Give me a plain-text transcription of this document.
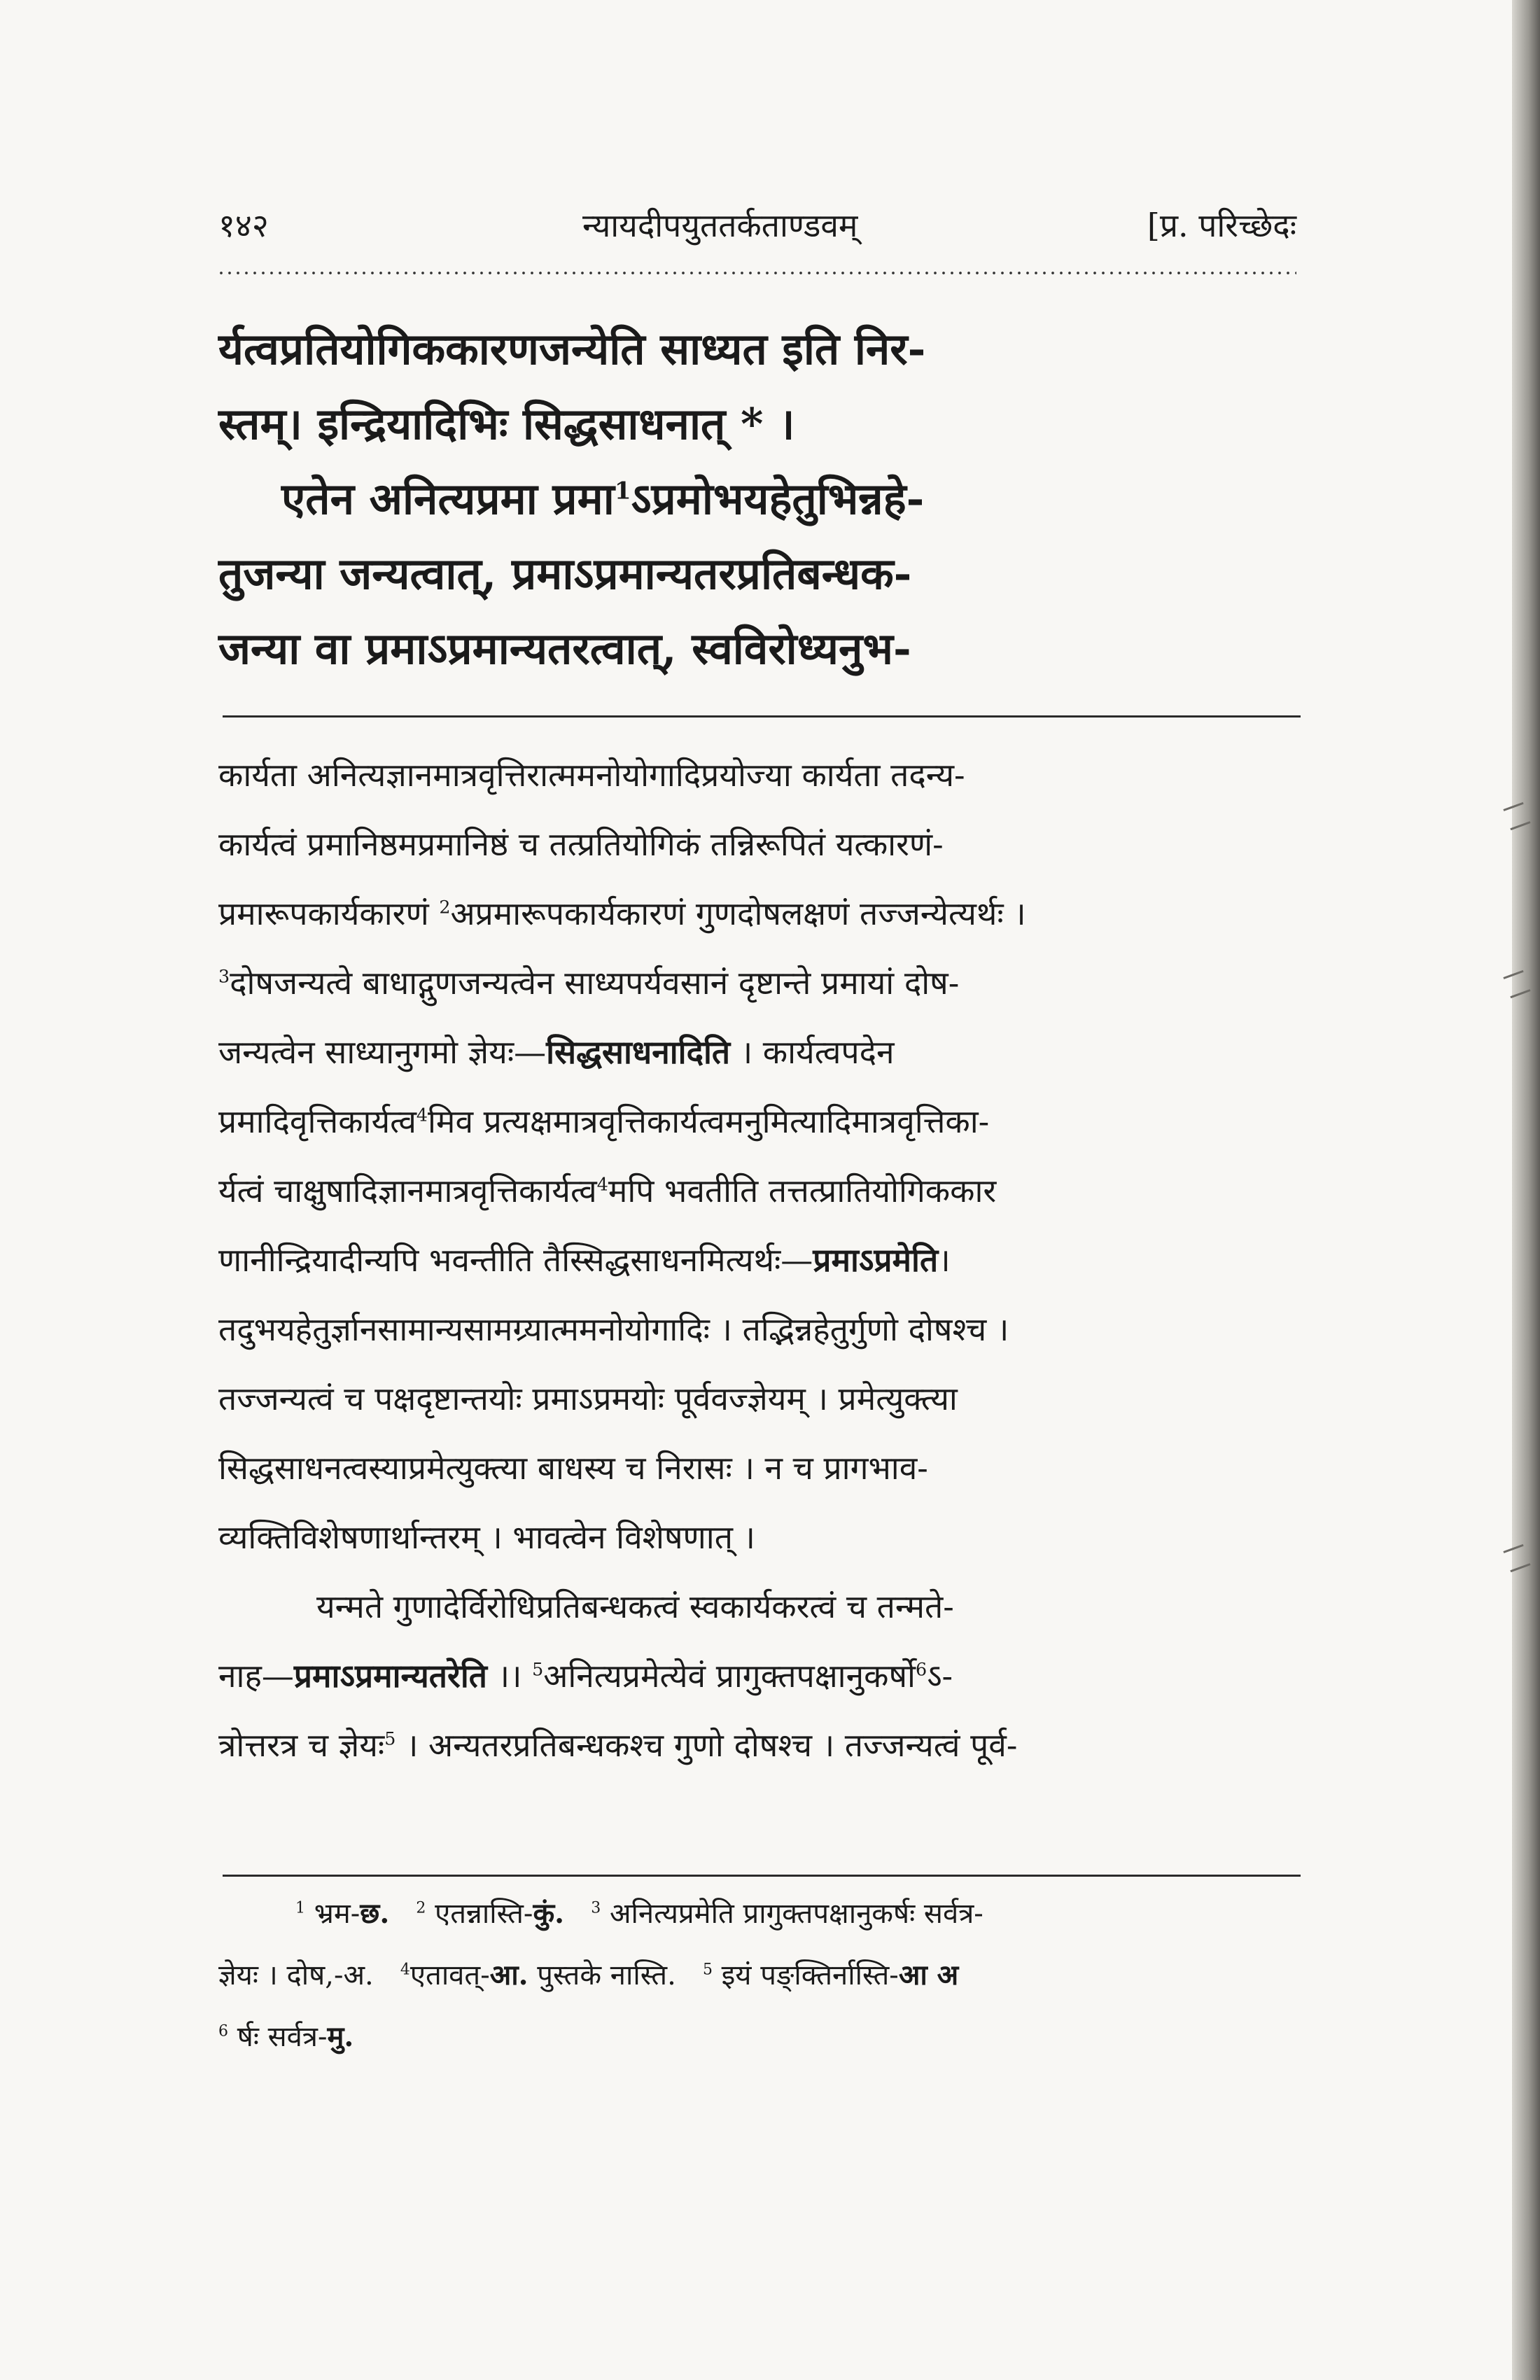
१४२	न्यायदीपयुततर्कताण्डवम्	[प्र. परिच्छेदः

र्यत्वप्रतियोगिककारणजन्येति साध्यत इति निर-

स्तम्। इन्द्रियादिभिः सिद्धसाधनात् * ।

एतेन अनित्यप्रमा प्रमा$^1$ऽप्रमोभयहेतुभिन्नहे-

तुजन्या जन्यत्वात्, प्रमाऽप्रमान्यतरप्रतिबन्धक-

जन्या वा प्रमाऽप्रमान्यतरत्वात्, स्वविरोध्यनुभ-

कार्यता अनित्यज्ञानमात्रवृत्तिरात्ममनोयोगादिप्रयोज्या कार्यता तदन्य-

कार्यत्वं प्रमानिष्ठमप्रमानिष्ठं च तत्प्रतियोगिकं तन्निरूपितं यत्कारणं-

प्रमारूपकार्यकारणं $^2$अप्रमारूपकार्यकारणं गुणदोषलक्षणं तज्जन्येत्यर्थः ।

$^3$दोषजन्यत्वे बाधाद्गुणजन्यत्वेन साध्यपर्यवसानं दृष्टान्ते प्रमायां दोष-

जन्यत्वेन साध्यानुगमो ज्ञेयः—सिद्धसाधनादिति । कार्यत्वपदेन

प्रमादिवृत्तिकार्यत्व$^4$मिव प्रत्यक्षमात्रवृत्तिकार्यत्वमनुमित्यादिमात्रवृत्तिका-

र्यत्वं चाक्षुषादिज्ञानमात्रवृत्तिकार्यत्व$^4$मपि भवतीति तत्तत्प्रातियोगिककार

णानीन्द्रियादीन्यपि भवन्तीति तैस्सिद्धसाधनमित्यर्थः—प्रमाऽप्रमेति।

तदुभयहेतुर्ज्ञानसामान्यसामग्र्यात्ममनोयोगादिः । तद्भिन्नहेतुर्गुणो दोषश्च ।

तज्जन्यत्वं च पक्षदृष्टान्तयोः प्रमाऽप्रमयोः पूर्ववज्ज्ञेयम् । प्रमेत्युक्त्या

सिद्धसाधनत्वस्याप्रमेत्युक्त्या बाधस्य च निरासः । न च प्रागभाव-

व्यक्तिविशेषणार्थान्तरम् । भावत्वेन विशेषणात् ।

यन्मते गुणादेर्विरोधिप्रतिबन्धकत्वं स्वकार्यकरत्वं च तन्मते-

नाह—प्रमाऽप्रमान्यतरेति ।। $^5$अनित्यप्रमेत्येवं प्रागुक्तपक्षानुकर्षो$^6$ऽ-

त्रोत्तरत्र च ज्ञेयः$^5$ । अन्यतरप्रतिबन्धकश्च गुणो दोषश्च । तज्जन्यत्वं पूर्व-

$^1$ भ्रम-छ. $^2$ एतन्नास्ति-कुं. $^3$ अनित्यप्रमेति प्रागुक्तपक्षानुकर्षः सर्वत्र-

ज्ञेयः । दोष,-अ. $^4$एतावत्-आ. पुस्तके नास्ति. $^5$ इयं पङ्क्तिर्नास्ति-आ अ

$^6$ र्षः सर्वत्र-मु.
